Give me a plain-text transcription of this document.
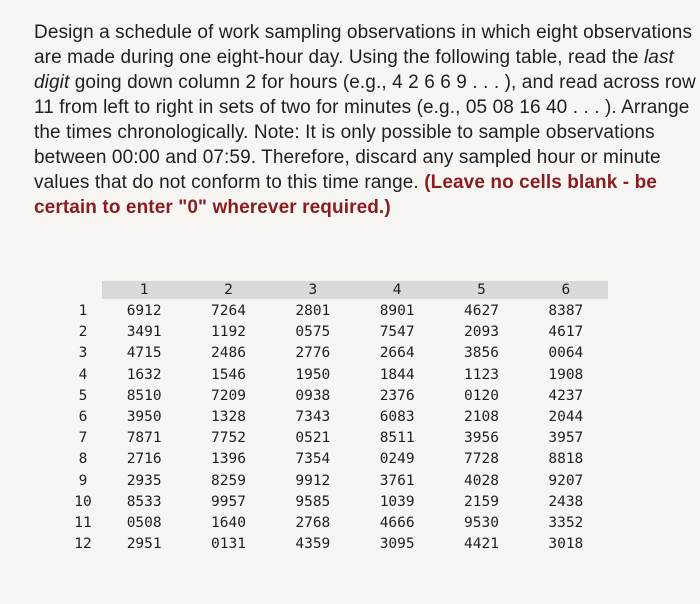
Design a schedule of work sampling observations in which eight observations are made during one eight-hour day. Using the following table, read the last digit going down column 2 for hours (e.g., 4 2 6 6 9 . . . ), and read across row 11 from left to right in sets of two for minutes (e.g., 05 08 16 40 . . . ). Arrange the times chronologically. Note: It is only possible to sample observations between 00:00 and 07:59. Therefore, discard any sampled hour or minute values that do not conform to this time range. (Leave no cells blank - be certain to enter "0" wherever required.)

	1	2	3	4	5	6
1	6912	7264	2801	8901	4627	8387
2	3491	1192	0575	7547	2093	4617
3	4715	2486	2776	2664	3856	0064
4	1632	1546	1950	1844	1123	1908
5	8510	7209	0938	2376	0120	4237
6	3950	1328	7343	6083	2108	2044
7	7871	7752	0521	8511	3956	3957
8	2716	1396	7354	0249	7728	8818
9	2935	8259	9912	3761	4028	9207
10	8533	9957	9585	1039	2159	2438
11	0508	1640	2768	4666	9530	3352
12	2951	0131	4359	3095	4421	3018
